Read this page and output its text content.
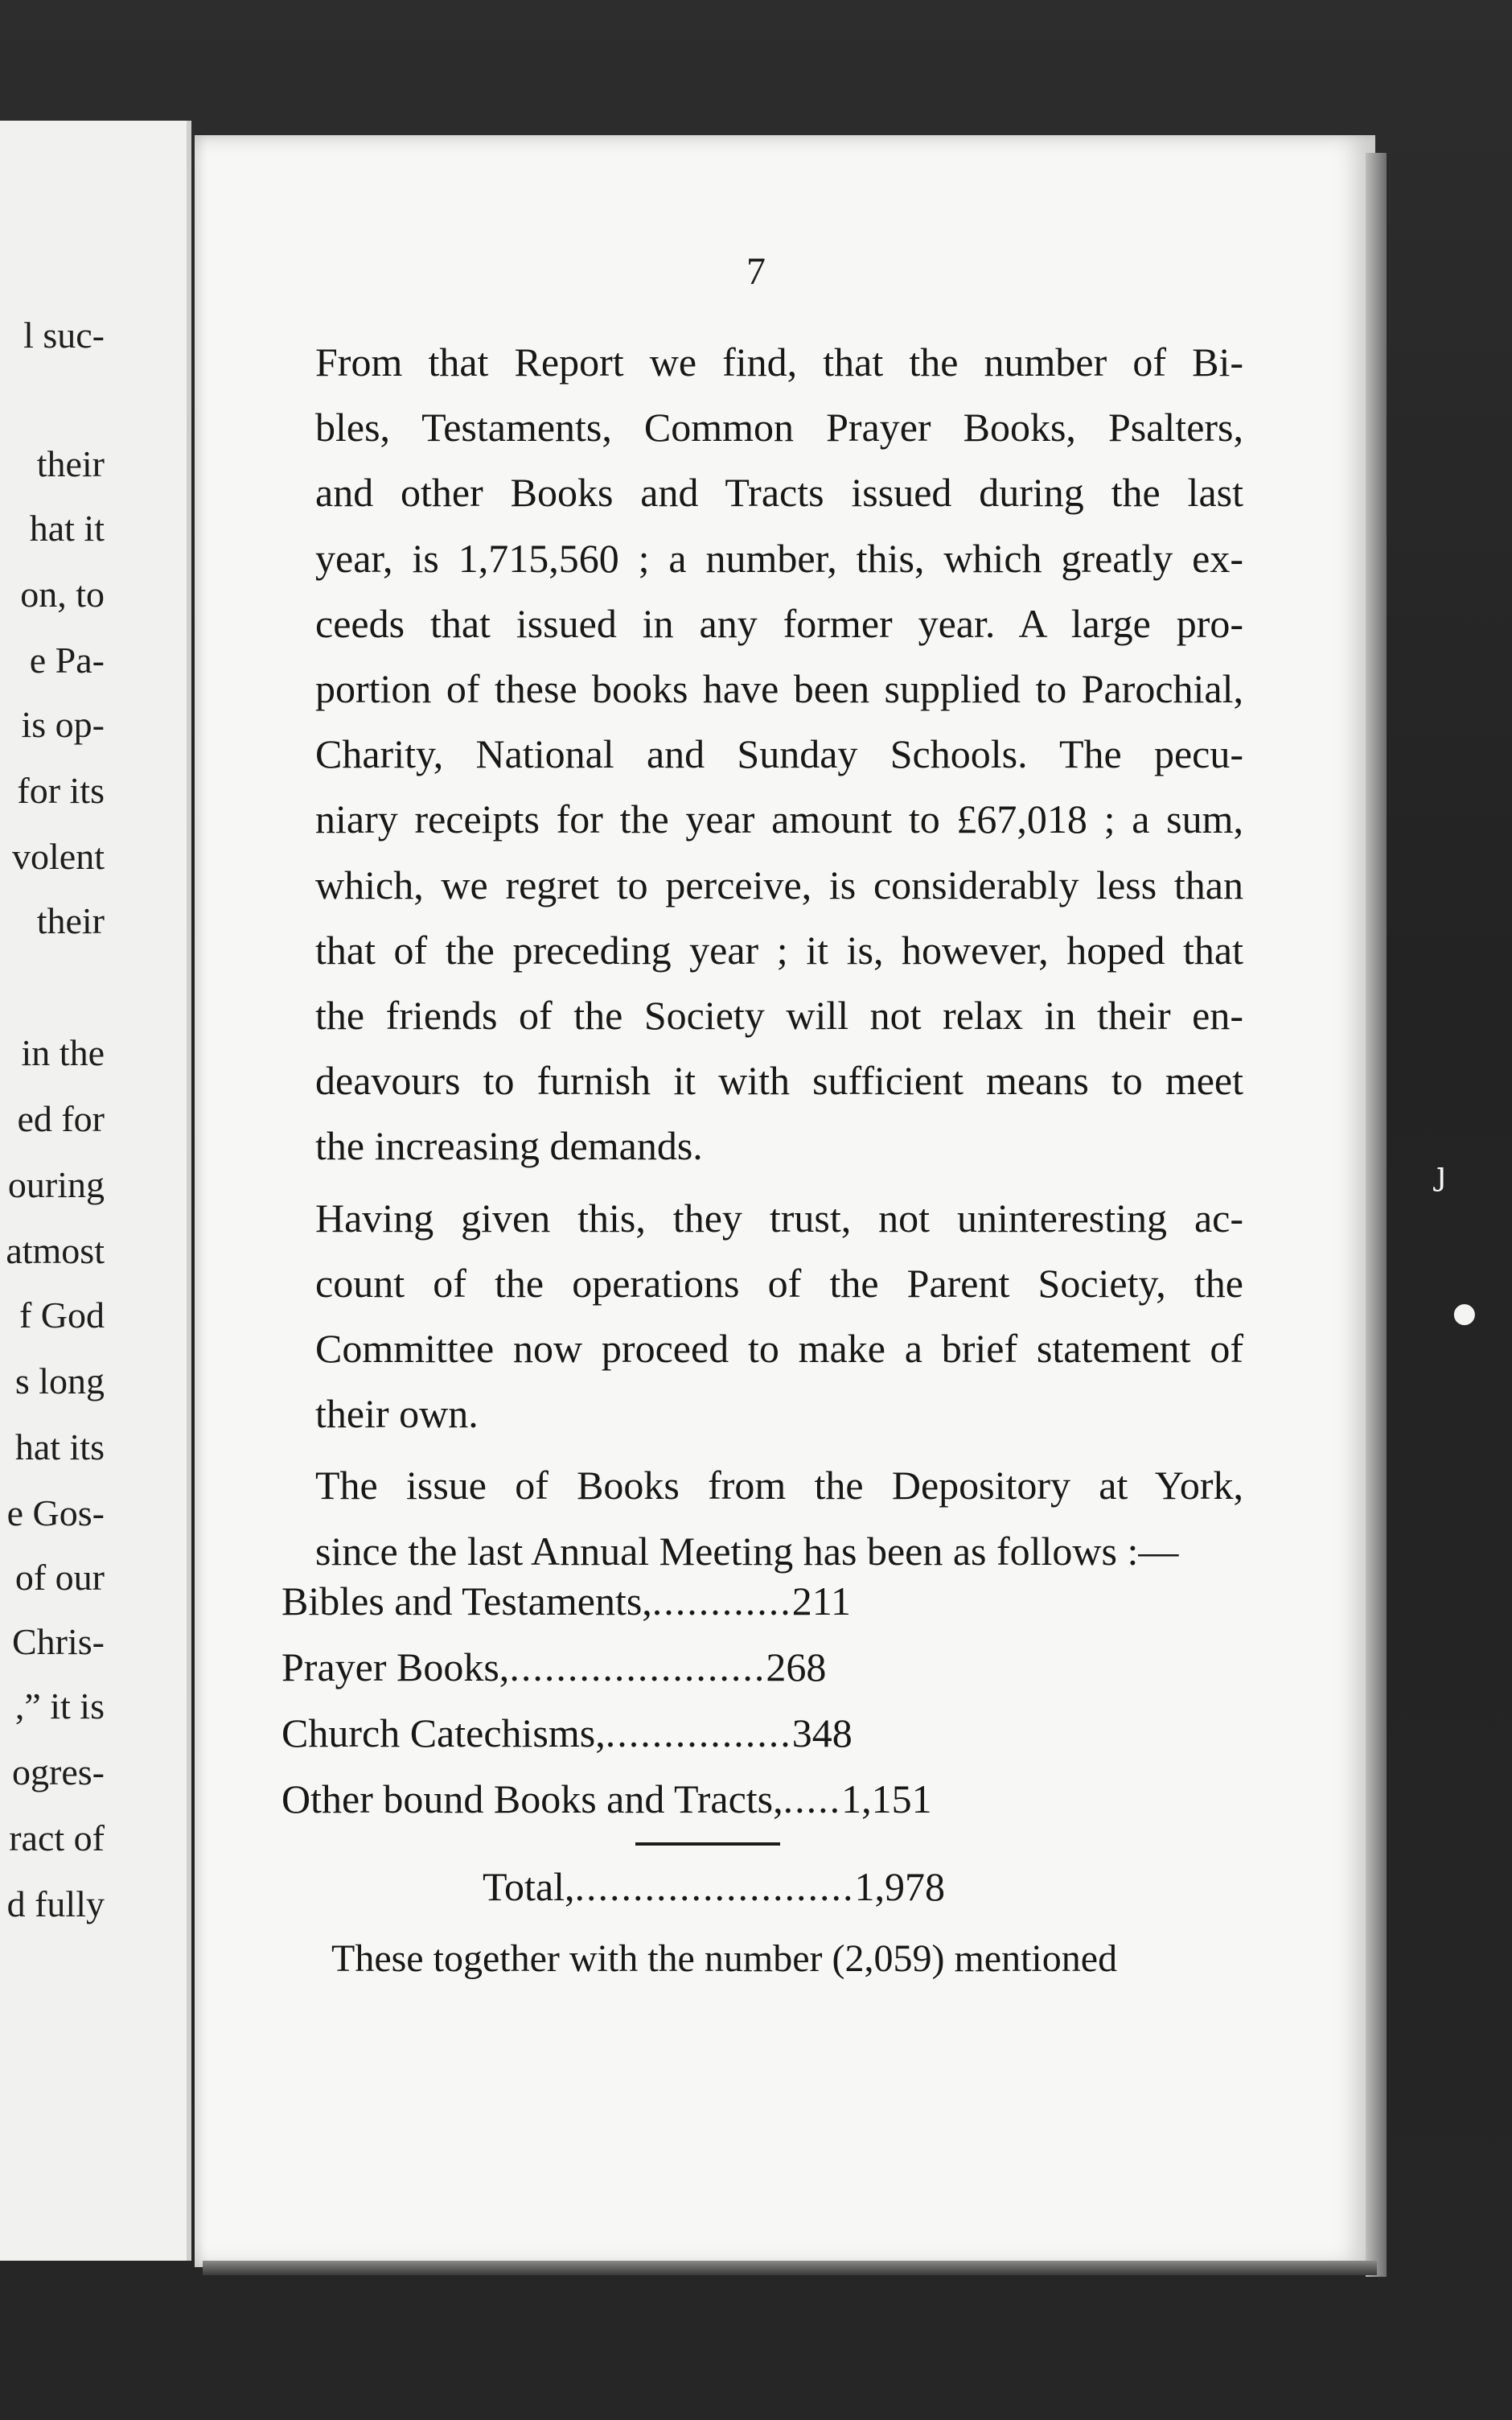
l suc-
their
hat it
on, to
e Pa-
is op-
for its
volent
their
in the
ed for
ouring
atmost
f God
s long
hat its
e Gos-
of our
Chris-
,” it is
ogres-
ract of
d fully
7

From that Report we find, that the number of Bi-
bles, Testaments, Common Prayer Books, Psalters,
and other Books and Tracts issued during the last
year, is 1,715,560 ; a number, this, which greatly ex-
ceeds that issued in any former year. A large pro-
portion of these books have been supplied to Parochial,
Charity, National and Sunday Schools. The pecu-
niary receipts for the year amount to £67,018 ; a sum,
which, we regret to perceive, is considerably less than
that of the preceding year ; it is, however, hoped that
the friends of the Society will not relax in their en-
deavours to furnish it with sufficient means to meet
the increasing demands.

Having given this, they trust, not uninteresting ac-
count of the operations of the Parent Society, the
Committee now proceed to make a brief statement of
their own.

The issue of Books from the Depository at York,
since the last Annual Meeting has been as follows :—

Bibles and Testaments,............211
Prayer Books,......................268
Church Catechisms,................348
Other bound Books and Tracts,.....1,151
Total,........................1,978
These together with the number (2,059) mentioned
ȷ
●
